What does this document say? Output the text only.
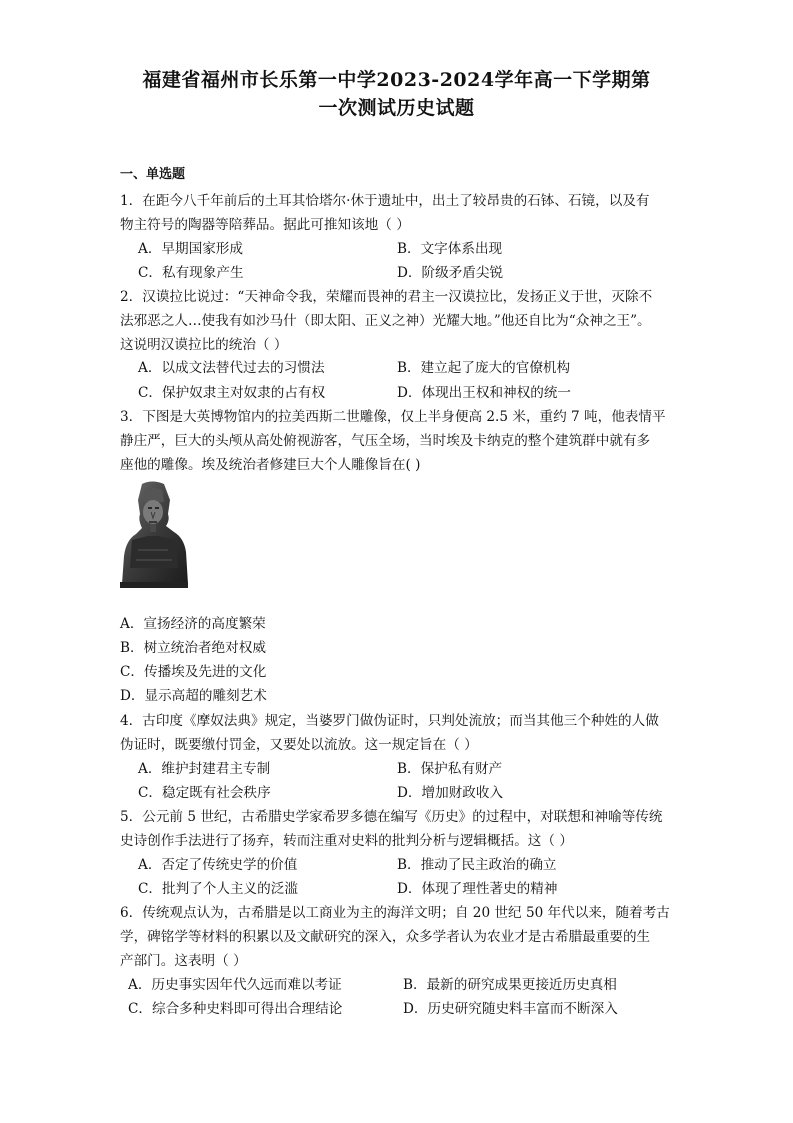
福建省福州市长乐第一中学2023-2024学年高一下学期第
一次测试历史试题
一、单选题
1．在距今八千年前后的土耳其恰塔尔·休于遗址中，出土了较昂贵的石钵、石镜，以及有
物主符号的陶器等陪葬品。据此可推知该地（ ）
A．早期国家形成	B．文字体系出现
C．私有现象产生	D．阶级矛盾尖锐
2．汉谟拉比说过：“天神命令我，荣耀而畏神的君主一汉谟拉比，发扬正义于世，灭除不
法邪恶之人…使我有如沙马什（即太阳、正义之神）光耀大地。”他还自比为“众神之王”。
这说明汉谟拉比的统治（ ）
A．以成文法替代过去的习惯法	B．建立起了庞大的官僚机构
C．保护奴隶主对奴隶的占有权	D．体现出王权和神权的统一
3．下图是大英博物馆内的拉美西斯二世雕像，仅上半身便高 2.5 米，重约 7 吨，他表情平
静庄严，巨大的头颅从高处俯视游客，气压全场，当时埃及卡纳克的整个建筑群中就有多
座他的雕像。埃及统治者修建巨大个人雕像旨在( )
A．宣扬经济的高度繁荣
B．树立统治者绝对权威
C．传播埃及先进的文化
D．显示高超的雕刻艺术
4．古印度《摩奴法典》规定，当婆罗门做伪证时，只判处流放；而当其他三个种姓的人做
伪证时，既要缴付罚金，又要处以流放。这一规定旨在（ ）
A．维护封建君主专制	B．保护私有财产
C．稳定既有社会秩序	D．增加财政收入
5．公元前 5 世纪，古希腊史学家希罗多德在编写《历史》的过程中，对联想和神喻等传统
史诗创作手法进行了扬弃，转而注重对史料的批判分析与逻辑概括。这（ ）
A．否定了传统史学的价值	B．推动了民主政治的确立
C．批判了个人主义的泛滥	D．体现了理性著史的精神
6．传统观点认为，古希腊是以工商业为主的海洋文明；自 20 世纪 50 年代以来，随着考古
学，碑铭学等材料的积累以及文献研究的深入，众多学者认为农业才是古希腊最重要的生
产部门。这表明（ ）
A．历史事实因年代久远而难以考证	B．最新的研究成果更接近历史真相
C．综合多种史料即可得出合理结论	D．历史研究随史料丰富而不断深入
